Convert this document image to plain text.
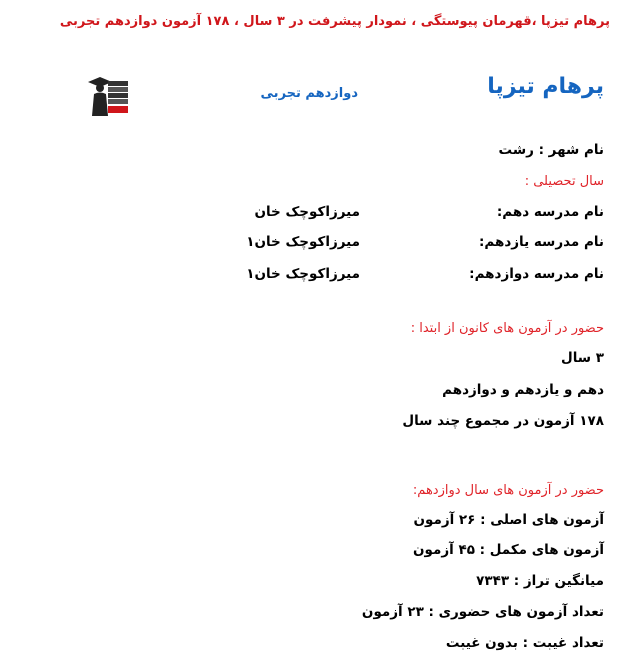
پرهام تیزپا ،قهرمان پیوستگی ، نمودار پیشرفت در ۳ سال ، ۱۷۸ آزمون دوازدهم تجربی
پرهام تیزپا
دوازدهم تجربی
نام شهر : رشت
سال تحصیلی :
نام مدرسه دهم:
میرزاکوچک خان
نام مدرسه یازدهم:
میرزاکوچک خان۱
نام مدرسه دوازدهم:
میرزاکوچک خان۱
حضور در آزمون های کانون از ابتدا :
۳ سال
دهم و یازدهم و دوازدهم
۱۷۸ آزمون در مجموع چند سال
حضور در آزمون های سال دوازدهم:
آزمون های اصلی : ۲۶ آزمون
آزمون های مکمل : ۴۵ آزمون
میانگین تراز : ۷۳۴۳
تعداد آزمون های حضوری : ۲۳ آزمون
تعداد غیبت : بدون غیبت
